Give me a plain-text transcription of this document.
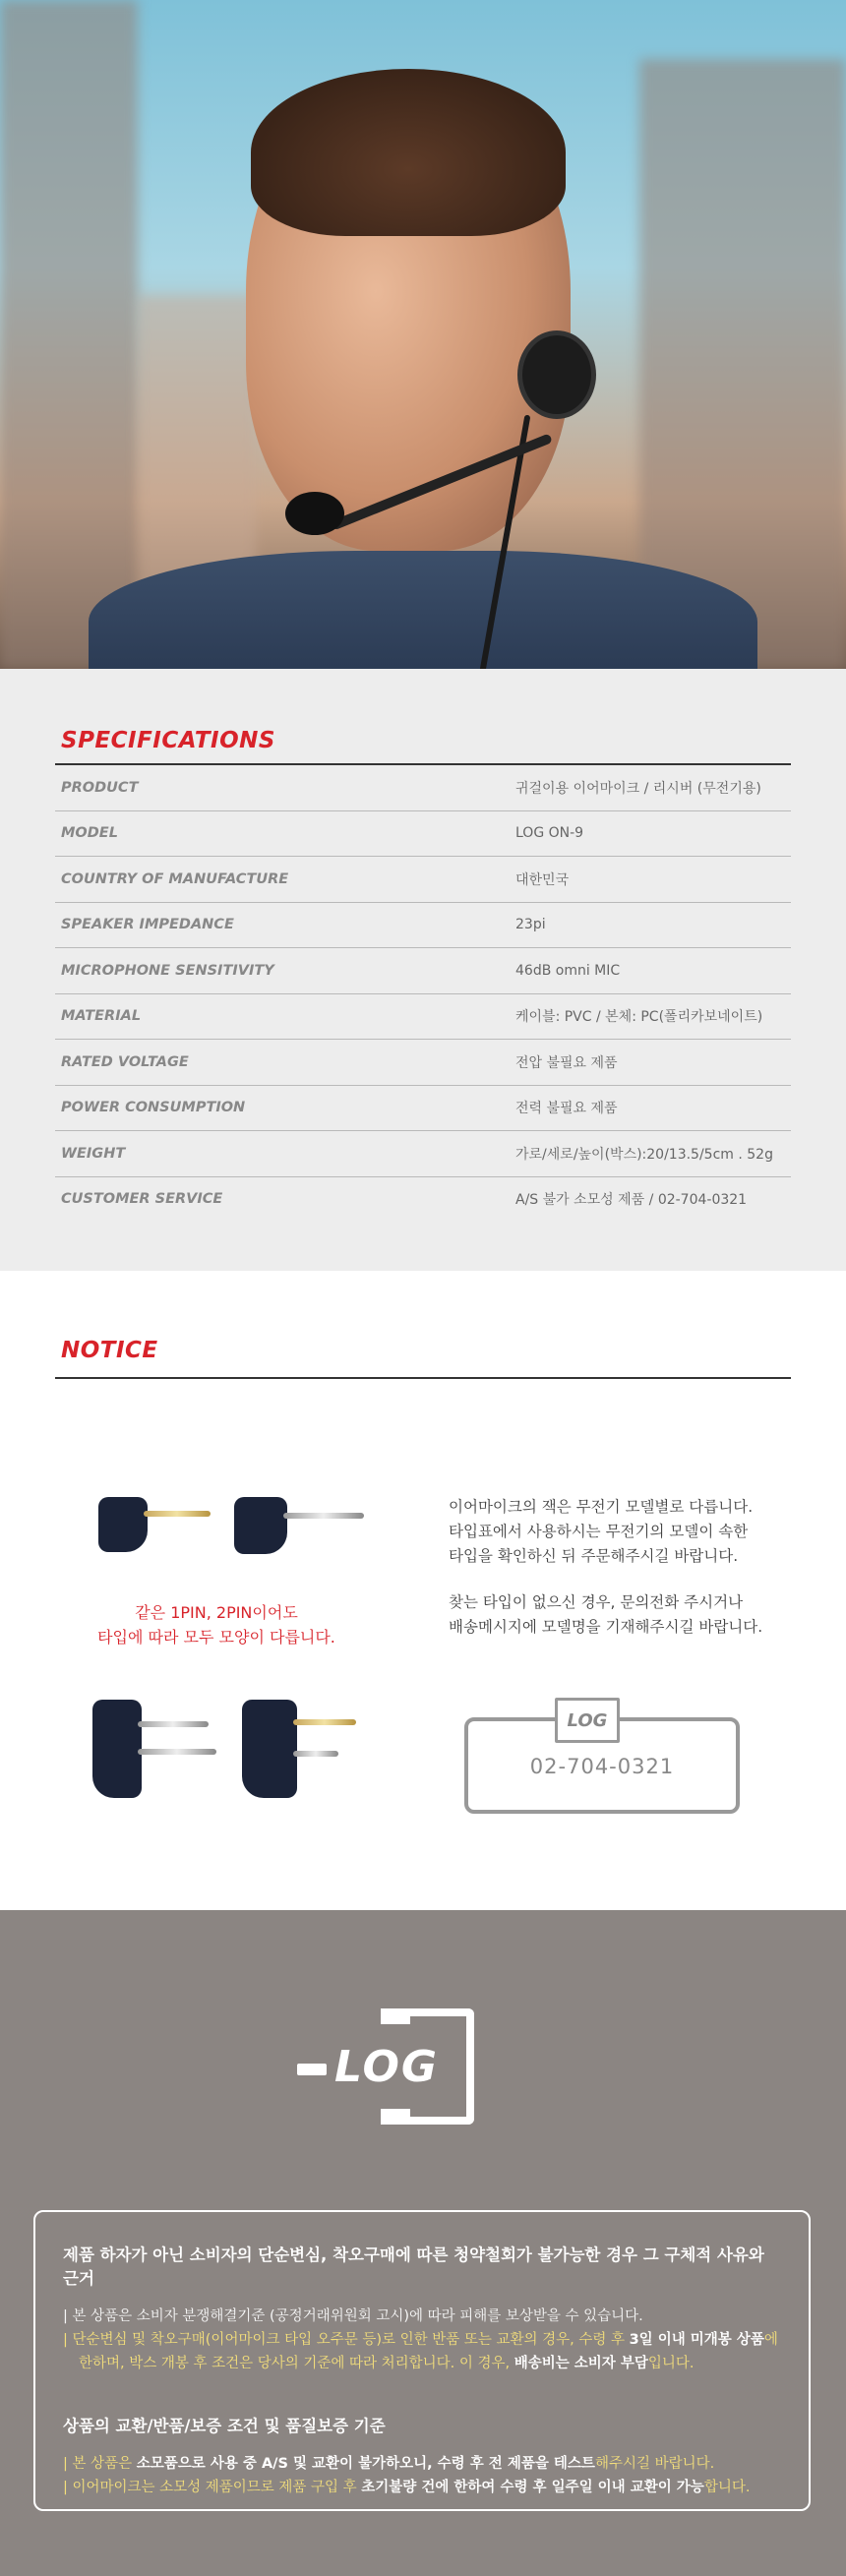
SPECIFICATIONS
PRODUCT	귀걸이용 이어마이크 / 리시버 (무전기용)
MODEL	LOG ON-9
COUNTRY OF MANUFACTURE	대한민국
SPEAKER IMPEDANCE	23pi
MICROPHONE SENSITIVITY	46dB omni MIC
MATERIAL	케이블: PVC / 본체: PC(폴리카보네이트)
RATED VOLTAGE	전압 불필요 제품
POWER CONSUMPTION	전력 불필요 제품
WEIGHT	가로/세로/높이(박스):20/13.5/5cm . 52g
CUSTOMER SERVICE	A/S 불가 소모성 제품 / 02-704-0321
NOTICE
같은 1PIN, 2PIN이어도
타입에 따라 모두 모양이 다릅니다.

이어마이크의 잭은 무전기 모델별로 다릅니다.
타입표에서 사용하시는 무전기의 모델이 속한
타입을 확인하신 뒤 주문해주시길 바랍니다.

찾는 타입이 없으신 경우, 문의전화 주시거나
배송메시지에 모델명을 기재해주시길 바랍니다.

LOG
02-704-0321
LOG
제품 하자가 아닌 소비자의 단순변심, 착오구매에 따른 청약철회가 불가능한 경우 그 구체적 사유와 근거
| 본 상품은 소비자 분쟁해결기준 (공정거래위원회 고시)에 따라 피해를 보상받을 수 있습니다.
| 단순변심 및 착오구매(이어마이크 타입 오주문 등)로 인한 반품 또는 교환의 경우, 수령 후 3일 이내 미개봉 상품에
한하며, 박스 개봉 후 조건은 당사의 기준에 따라 처리합니다. 이 경우, 배송비는 소비자 부담입니다.
상품의 교환/반품/보증 조건 및 품질보증 기준
| 본 상품은 소모품으로 사용 중 A/S 및 교환이 불가하오니, 수령 후 전 제품을 테스트해주시길 바랍니다.
| 이어마이크는 소모성 제품이므로 제품 구입 후 초기불량 건에 한하여 수령 후 일주일 이내 교환이 가능합니다.
